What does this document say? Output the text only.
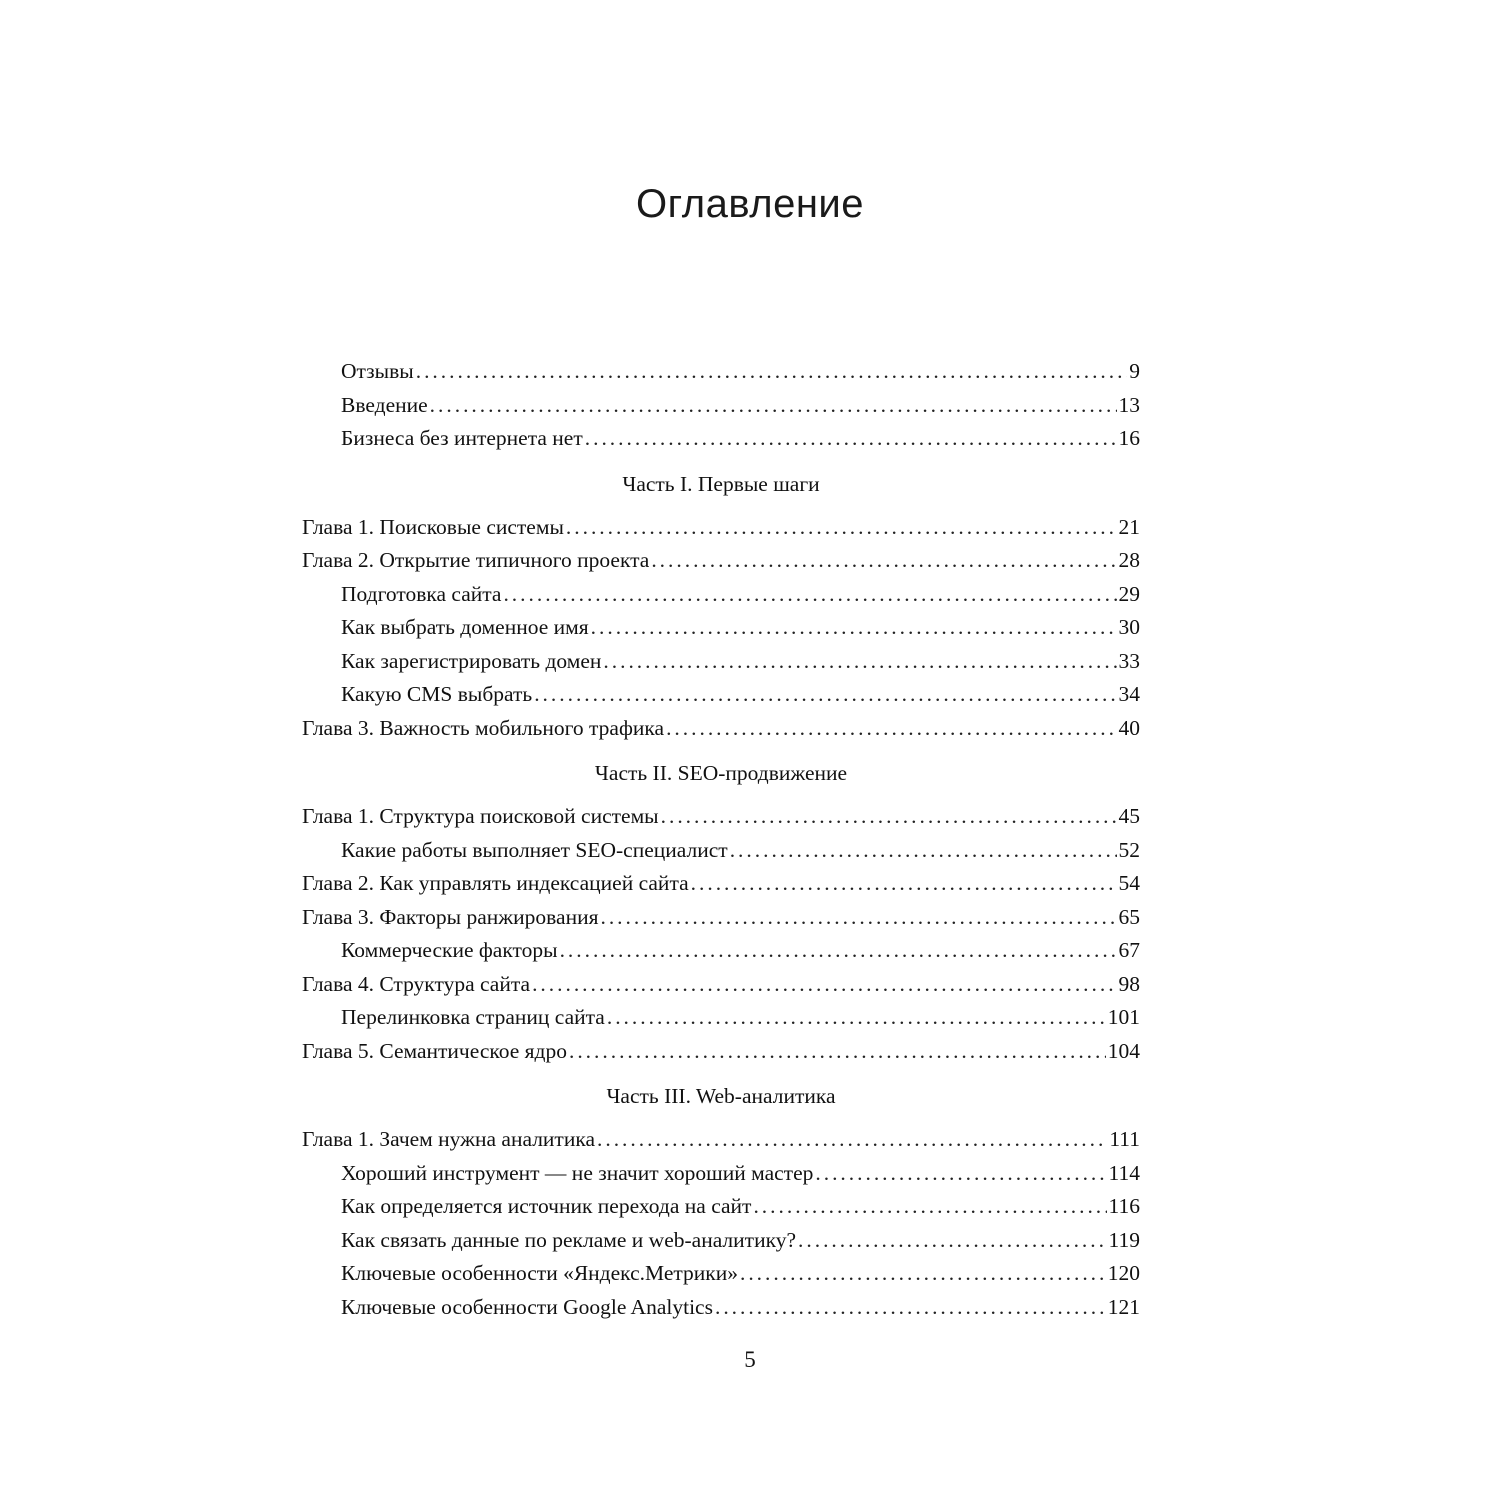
Оглавление
Отзывы . . .	9
Введение . . .	13
Бизнеса без интернета нет . . .	16
Часть I. Первые шаги
Глава 1. Поисковые системы . . .	21
Глава 2. Открытие типичного проекта . . .	28
Подготовка сайта . . .	29
Как выбрать доменное имя . . .	30
Как зарегистрировать домен . . .	33
Какую CMS выбрать . . .	34
Глава 3. Важность мобильного трафика . . .	40
Часть II. SEO-продвижение
Глава 1. Структура поисковой системы . . .	45
Какие работы выполняет SEO-специалист . . .	52
Глава 2. Как управлять индексацией сайта . . .	54
Глава 3. Факторы ранжирования . . .	65
Коммерческие факторы . . .	67
Глава 4. Структура сайта . . .	98
Перелинковка страниц сайта . . .	101
Глава 5. Семантическое ядро . . .	104
Часть III. Web-аналитика
Глава 1. Зачем нужна аналитика . . .	111
Хороший инструмент — не значит хороший мастер . . .	114
Как определяется источник перехода на сайт . . .	116
Как связать данные по рекламе и web-аналитику? . . .	119
Ключевые особенности «Яндекс.Метрики» . . .	120
Ключевые особенности Google Analytics . . .	121
5
